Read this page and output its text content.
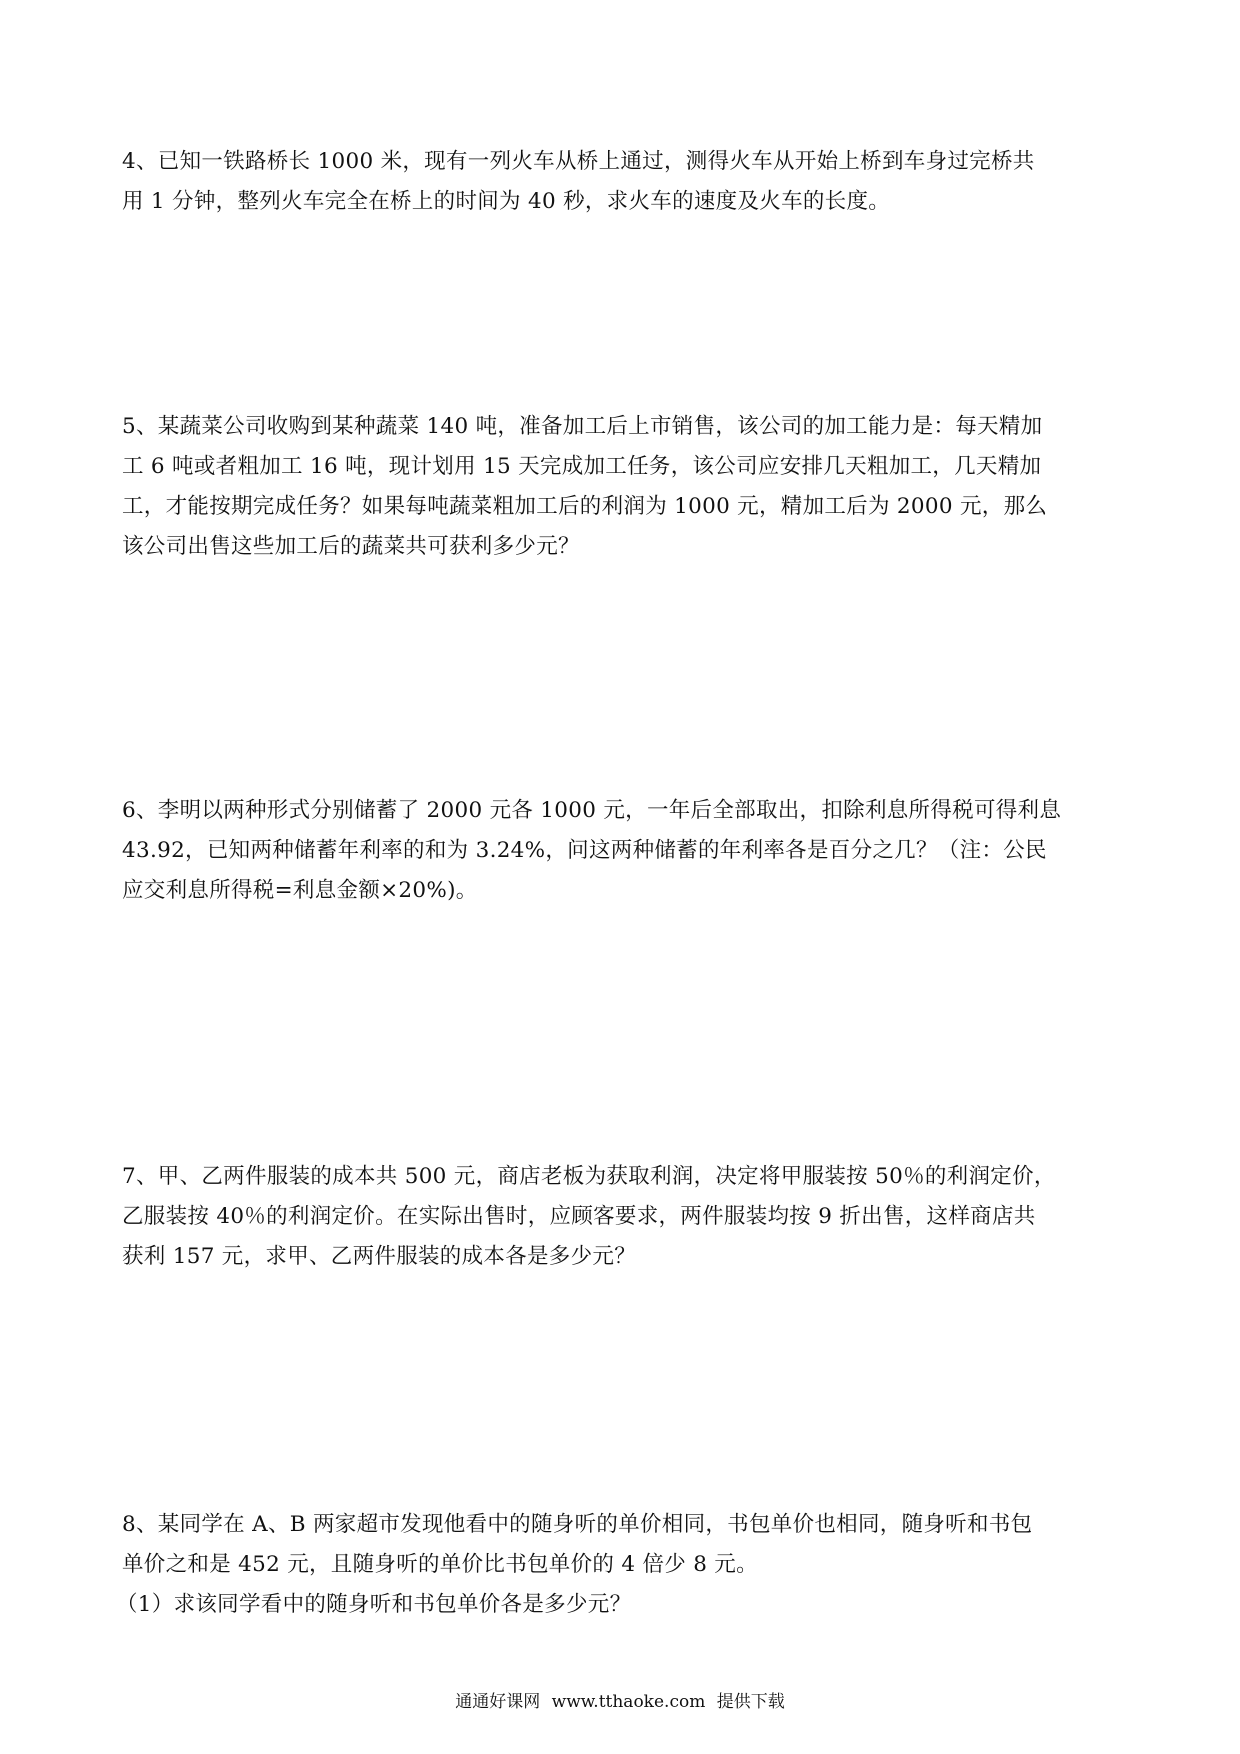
4、已知一铁路桥长 1000 米，现有一列火车从桥上通过，测得火车从开始上桥到车身过完桥共

用 1 分钟，整列火车完全在桥上的时间为 40 秒，求火车的速度及火车的长度。

5、某蔬菜公司收购到某种蔬菜 140 吨，准备加工后上市销售，该公司的加工能力是：每天精加

工 6 吨或者粗加工 16 吨，现计划用 15 天完成加工任务，该公司应安排几天粗加工，几天精加

工，才能按期完成任务？如果每吨蔬菜粗加工后的利润为 1000 元，精加工后为 2000 元，那么

该公司出售这些加工后的蔬菜共可获利多少元？

6、李明以两种形式分别储蓄了 2000 元各 1000 元，一年后全部取出，扣除利息所得税可得利息

43.92，已知两种储蓄年利率的和为 3.24%，问这两种储蓄的年利率各是百分之几？（注：公民

应交利息所得税=利息金额×20%)。

7、甲、乙两件服装的成本共 500 元，商店老板为获取利润，决定将甲服装按 50％的利润定价，

乙服装按 40％的利润定价。在实际出售时，应顾客要求，两件服装均按 9 折出售，这样商店共

获利 157 元，求甲、乙两件服装的成本各是多少元？

8、某同学在 A、B 两家超市发现他看中的随身听的单价相同，书包单价也相同，随身听和书包

单价之和是 452 元，且随身听的单价比书包单价的 4 倍少 8 元。

（1）求该同学看中的随身听和书包单价各是多少元？

通通好课网 www.tthaoke.com 提供下载
